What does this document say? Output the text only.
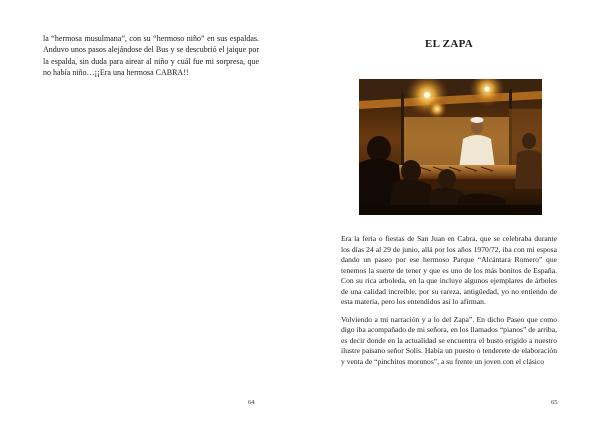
la “hermosa musulmana”, con su “hermoso niño” en sus espaldas. Anduvo unos pasos alejándose del Bus y se descubrió el jaique por la espalda, sin duda para airear al niño y cuál fue mi sorpresa, que no había niño…¡¡Era una hermosa CABRA!!

64

EL ZAPA

Era la feria o fiestas de San Juan en Cabra, que se celebraba durante los días 24 al 29 de junio, allá por los años 1970/72, iba con mi esposa dando un paseo por ese hermoso Parque “Alcántara Romero” que tenemos la suerte de tener y que es uno de los más bonitos de España. Con su rica arboleda, en la que incluye algunos ejemplares de árboles de una calidad increíble, por su rareza, antigüedad, yo no entiendo de esta materia, pero los entendidos así lo afirman.

Volviendo a mi narración y a lo del Zapa”. En dicho Paseo que como digo iba acompañado de mi señora, en los llamados “pianos” de arriba, es decir donde en la actualidad se encuentra el busto erigido a nuestro ilustre paisano señor Solís. Había un puesto o tenderete de elaboración y venta de “pinchitos morunos”, a su frente un joven con el clásico

65
